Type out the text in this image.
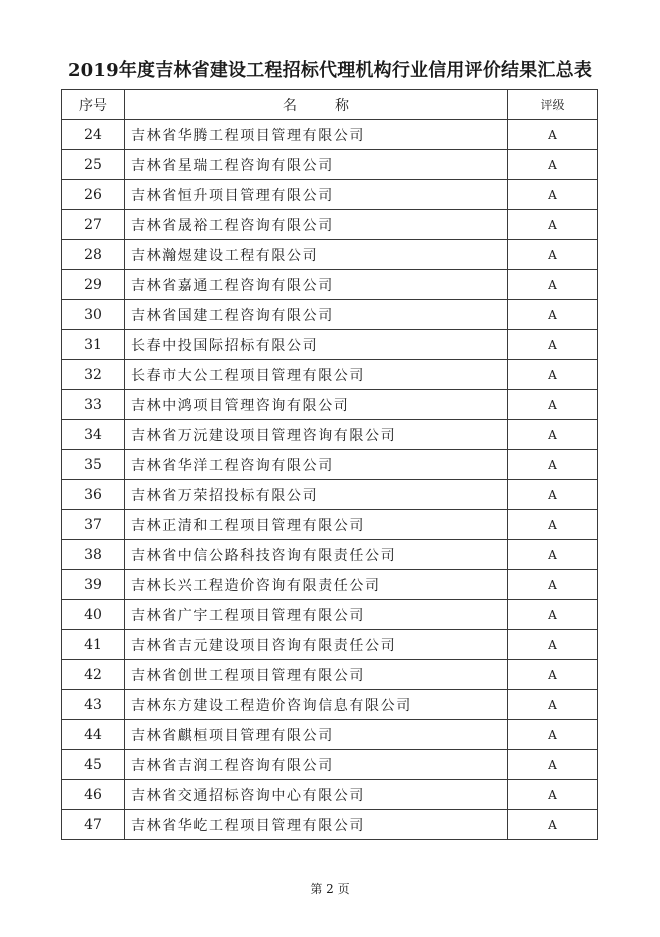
2019年度吉林省建设工程招标代理机构行业信用评价结果汇总表
序号	名 称	评级
24	吉林省华腾工程项目管理有限公司	A
25	吉林省星瑞工程咨询有限公司	A
26	吉林省恒升项目管理有限公司	A
27	吉林省晟裕工程咨询有限公司	A
28	吉林瀚煜建设工程有限公司	A
29	吉林省嘉通工程咨询有限公司	A
30	吉林省国建工程咨询有限公司	A
31	长春中投国际招标有限公司	A
32	长春市大公工程项目管理有限公司	A
33	吉林中鸿项目管理咨询有限公司	A
34	吉林省万沅建设项目管理咨询有限公司	A
35	吉林省华洋工程咨询有限公司	A
36	吉林省万荣招投标有限公司	A
37	吉林正清和工程项目管理有限公司	A
38	吉林省中信公路科技咨询有限责任公司	A
39	吉林长兴工程造价咨询有限责任公司	A
40	吉林省广宇工程项目管理有限公司	A
41	吉林省吉元建设项目咨询有限责任公司	A
42	吉林省创世工程项目管理有限公司	A
43	吉林东方建设工程造价咨询信息有限公司	A
44	吉林省麒桓项目管理有限公司	A
45	吉林省吉润工程咨询有限公司	A
46	吉林省交通招标咨询中心有限公司	A
47	吉林省华屹工程项目管理有限公司	A
第 2 页
